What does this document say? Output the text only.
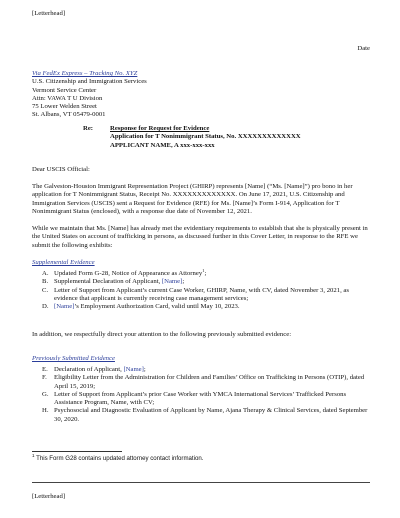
[Letterhead]
Date
Via FedEx Express – Tracking No. XYZ
U.S. Citizenship and Immigration Services
Vermont Service Center
Attn: VAWA T U Division
75 Lower Welden Street
St. Albans, VT 05479-0001
Re:	Response for Request for Evidence
Application for T Nonimmigrant Status, No. XXXXXXXXXXXXX
APPLICANT NAME, A xxx-xxx-xxx
Dear USCIS Official:

The Galveston-Houston Immigrant Representation Project (GHIRP) represents [Name] (“Ms. [Name]”) pro bono in her application for T Nonimmigrant Status, Receipt No. XXXXXXXXXXXXX. On June 17, 2021, U.S. Citizenship and Immigration Services (USCIS) sent a Request for Evidence (RFE) for Ms. [Name]’s Form I-914, Application for T Nonimmigrant Status (enclosed), with a response due date of November 12, 2021.

While we maintain that Ms. [Name] has already met the evidentiary requirements to establish that she is physically present in the United States on account of trafficking in persons, as discussed further in this Cover Letter, in response to the RFE we submit the following exhibits:

Supplemental Evidence
A. Updated Form G-28, Notice of Appearance as Attorney$^1$;
B. Supplemental Declaration of Applicant, [Name];
C. Letter of Support from Applicant’s current Case Worker, GHIRP, Name, with CV, dated November 3, 2021, as evidence that applicant is currently receiving case management services;
D. [Name]’s Employment Authorization Card, valid until May 10, 2023.

In addition, we respectfully direct your attention to the following previously submitted evidence:

Previously Submitted Evidence
E. Declaration of Applicant, [Name];
F. Eligibility Letter from the Administration for Children and Families’ Office on Trafficking in Persons (OTIP), dated April 15, 2019;
G. Letter of Support from Applicant’s prior Case Worker with YMCA International Services’ Trafficked Persons Assistance Program, Name, with CV;
H. Psychosocial and Diagnostic Evaluation of Applicant by Name, Ajana Therapy & Clinical Services, dated September 30, 2020.
$^1$ This Form G28 contains updated attorney contact information.
[Letterhead]
